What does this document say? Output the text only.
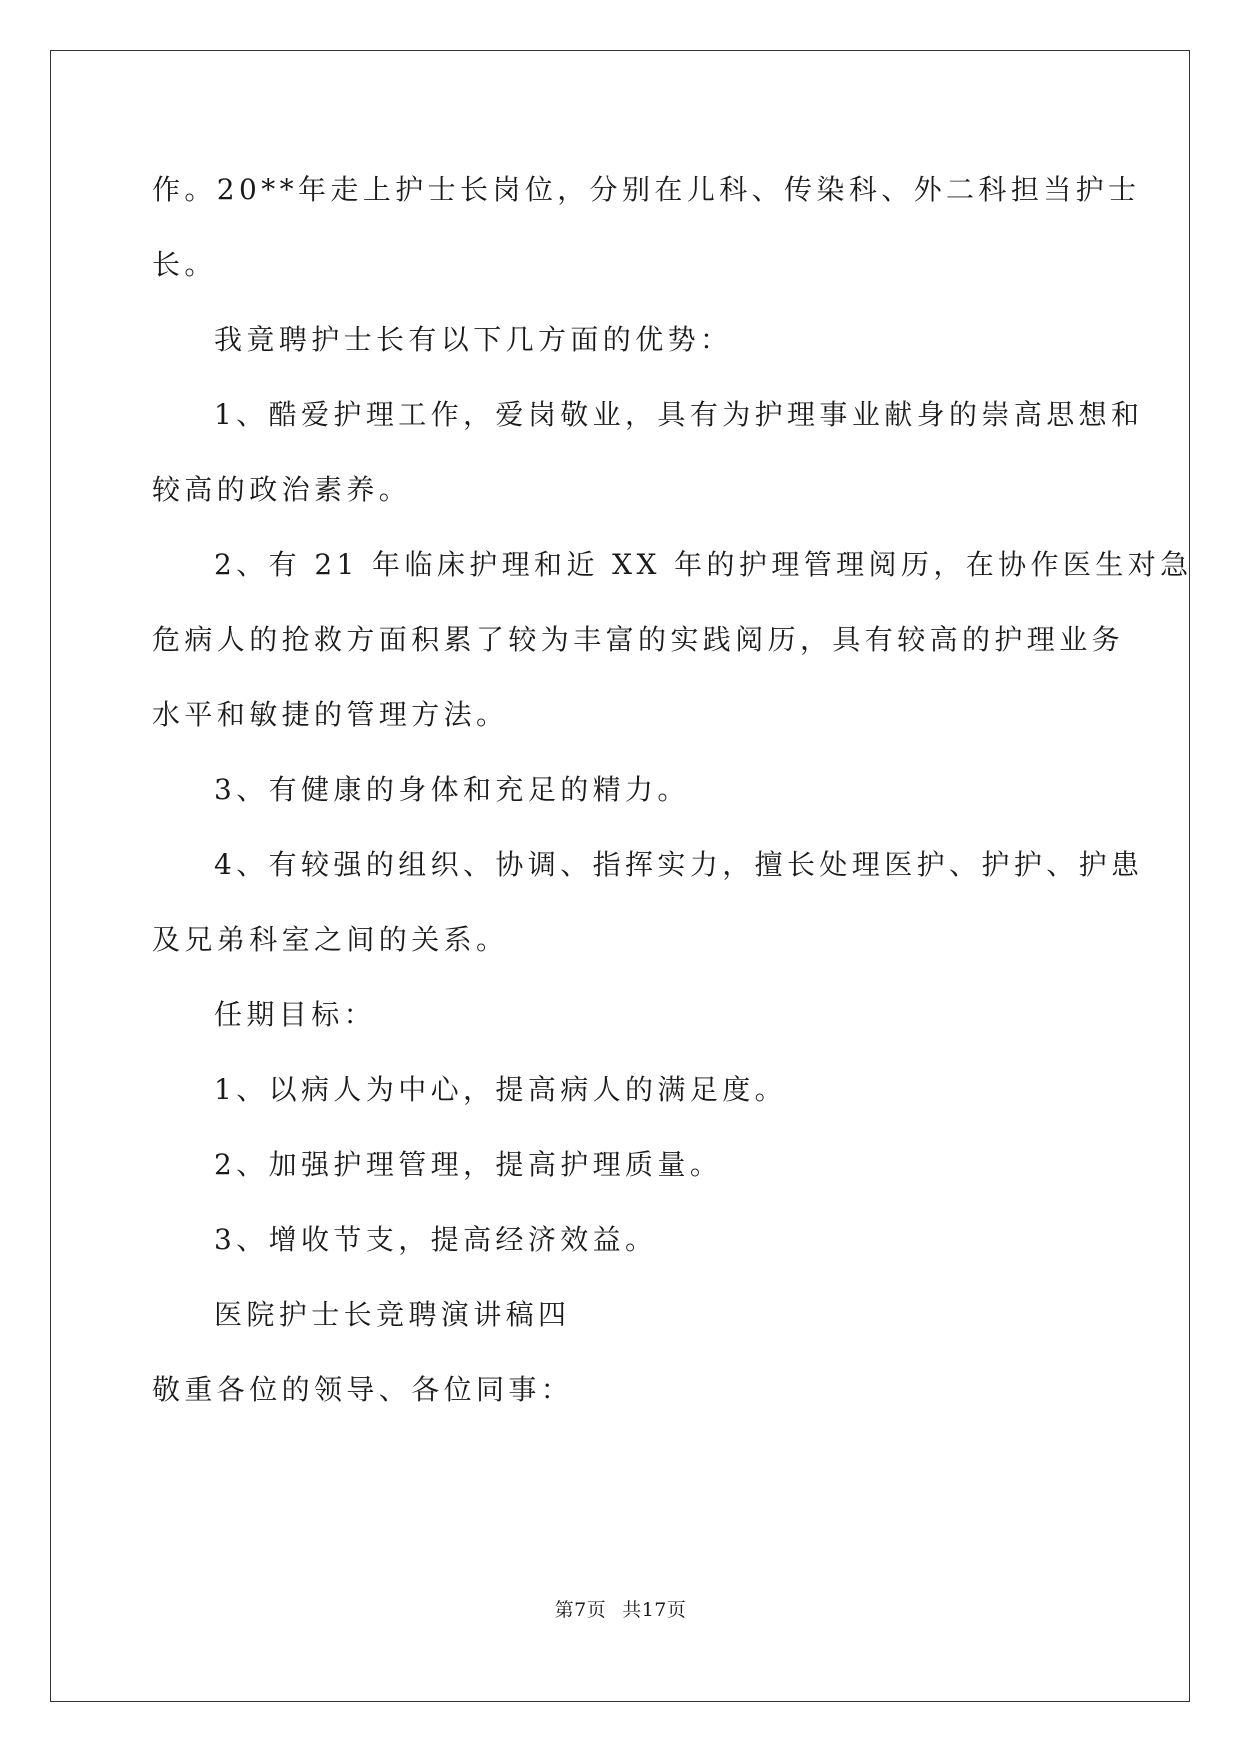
作。20**年走上护士长岗位，分别在儿科、传染科、外二科担当护士
长。
我竟聘护士长有以下几方面的优势：
1、酷爱护理工作，爱岗敬业，具有为护理事业献身的崇高思想和
较高的政治素养。
2、有 21 年临床护理和近 XX 年的护理管理阅历，在协作医生对急
危病人的抢救方面积累了较为丰富的实践阅历，具有较高的护理业务
水平和敏捷的管理方法。
3、有健康的身体和充足的精力。
4、有较强的组织、协调、指挥实力，擅长处理医护、护护、护患
及兄弟科室之间的关系。
任期目标：
1、以病人为中心，提高病人的满足度。
2、加强护理管理，提高护理质量。
3、增收节支，提高经济效益。
医院护士长竞聘演讲稿四
敬重各位的领导、各位同事：
第7页 共17页
